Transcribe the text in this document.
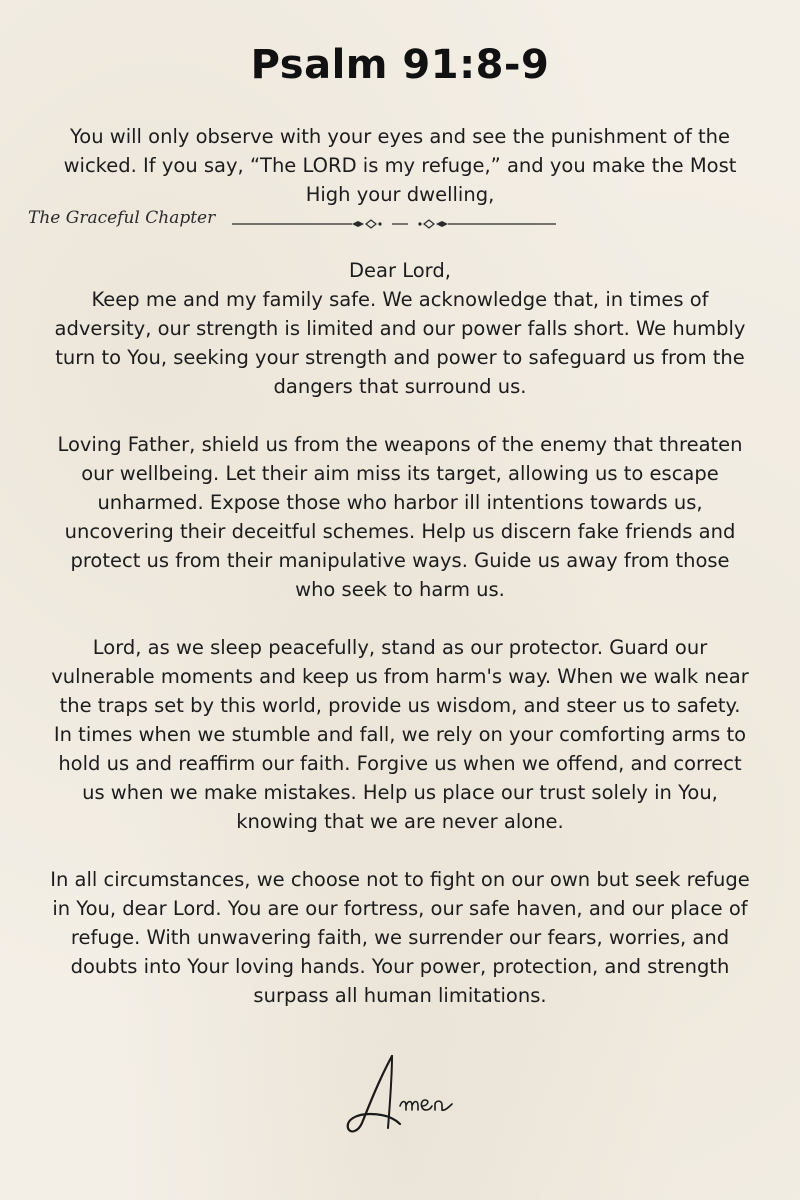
Psalm 91:8-9

You will only observe with your eyes and see the punishment of the wicked. If you say, “The LORD is my refuge,” and you make the Most High your dwelling,

The Graceful Chapter

Dear Lord,

Keep me and my family safe. We acknowledge that, in times of adversity, our strength is limited and our power falls short. We humbly turn to You, seeking your strength and power to safeguard us from the dangers that surround us.

Loving Father, shield us from the weapons of the enemy that threaten our wellbeing. Let their aim miss its target, allowing us to escape unharmed. Expose those who harbor ill intentions towards us, uncovering their deceitful schemes. Help us discern fake friends and protect us from their manipulative ways. Guide us away from those who seek to harm us.

Lord, as we sleep peacefully, stand as our protector. Guard our vulnerable moments and keep us from harm's way. When we walk near the traps set by this world, provide us wisdom, and steer us to safety. In times when we stumble and fall, we rely on your comforting arms to hold us and reaffirm our faith. Forgive us when we offend, and correct us when we make mistakes. Help us place our trust solely in You, knowing that we are never alone.

In all circumstances, we choose not to fight on our own but seek refuge in You, dear Lord. You are our fortress, our safe haven, and our place of refuge. With unwavering faith, we surrender our fears, worries, and doubts into Your loving hands. Your power, protection, and strength surpass all human limitations.
